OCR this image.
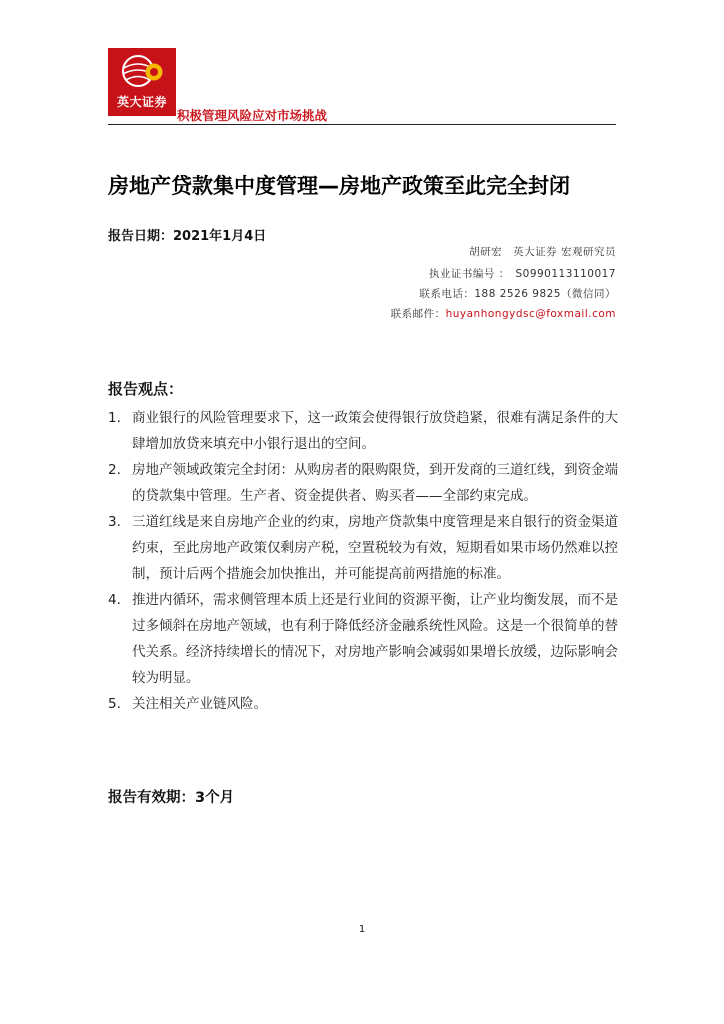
英大证券
积极管理风险应对市场挑战
房地产贷款集中度管理—房地产政策至此完全封闭
报告日期：2021年1月4日
胡研宏　英大证券 宏观研究员
执业证书编号 ：　S0990113110017
联系电话：188 2526 9825（微信同）
联系邮件：huyanhongydsc@foxmail.com
报告观点：
1. 商业银行的风险管理要求下，这一政策会使得银行放贷趋紧，很难有满足条件的大肆增加放贷来填充中小银行退出的空间。
2. 房地产领域政策完全封闭：从购房者的限购限贷，到开发商的三道红线，到资金端的贷款集中管理。生产者、资金提供者、购买者——全部约束完成。
3. 三道红线是来自房地产企业的约束，房地产贷款集中度管理是来自银行的资金渠道约束，至此房地产政策仅剩房产税，空置税较为有效，短期看如果市场仍然难以控制，预计后两个措施会加快推出，并可能提高前两措施的标准。
4. 推进内循环，需求侧管理本质上还是行业间的资源平衡，让产业均衡发展，而不是过多倾斜在房地产领域，也有利于降低经济金融系统性风险。这是一个很简单的替代关系。经济持续增长的情况下，对房地产影响会减弱如果增长放缓，边际影响会较为明显。
5. 关注相关产业链风险。
报告有效期：3个月
1
